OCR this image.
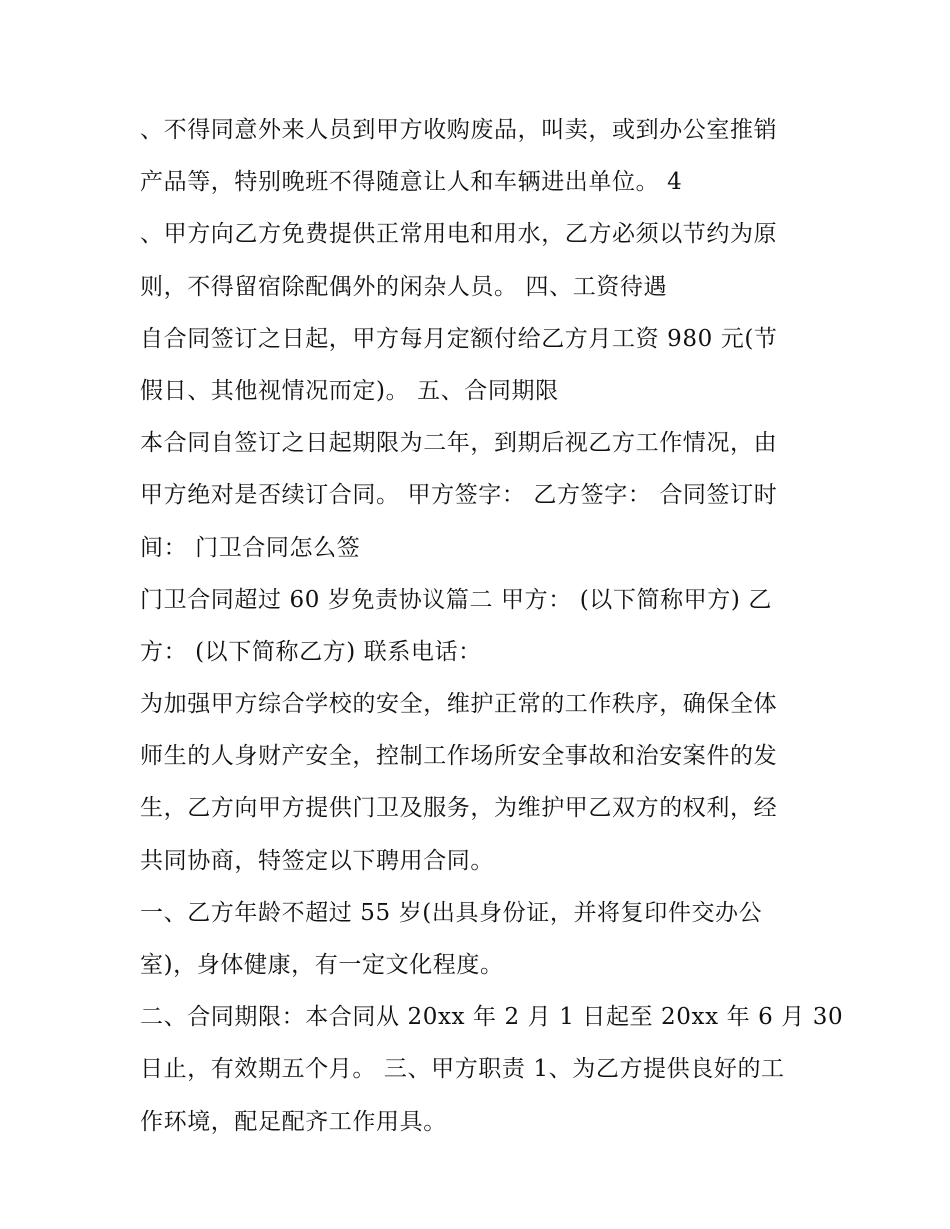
、不得同意外来人员到甲方收购废品，叫卖，或到办公室推销
产品等，特别晚班不得随意让人和车辆进出单位。 4
、甲方向乙方免费提供正常用电和用水，乙方必须以节约为原
则，不得留宿除配偶外的闲杂人员。 四、工资待遇
自合同签订之日起，甲方每月定额付给乙方月工资 980 元(节
假日、其他视情况而定)。 五、合同期限
本合同自签订之日起期限为二年，到期后视乙方工作情况，由
甲方绝对是否续订合同。 甲方签字： 乙方签字： 合同签订时
间： 门卫合同怎么签
门卫合同超过 60 岁免责协议篇二 甲方： (以下简称甲方) 乙
方： (以下简称乙方) 联系电话：
为加强甲方综合学校的安全，维护正常的工作秩序，确保全体
师生的人身财产安全，控制工作场所安全事故和治安案件的发
生，乙方向甲方提供门卫及服务，为维护甲乙双方的权利，经
共同协商，特签定以下聘用合同。
一、乙方年龄不超过 55 岁(出具身份证，并将复印件交办公
室)，身体健康，有一定文化程度。
二、合同期限：本合同从 20xx 年 2 月 1 日起至 20xx 年 6 月 30
日止，有效期五个月。 三、甲方职责 1、为乙方提供良好的工
作环境，配足配齐工作用具。
